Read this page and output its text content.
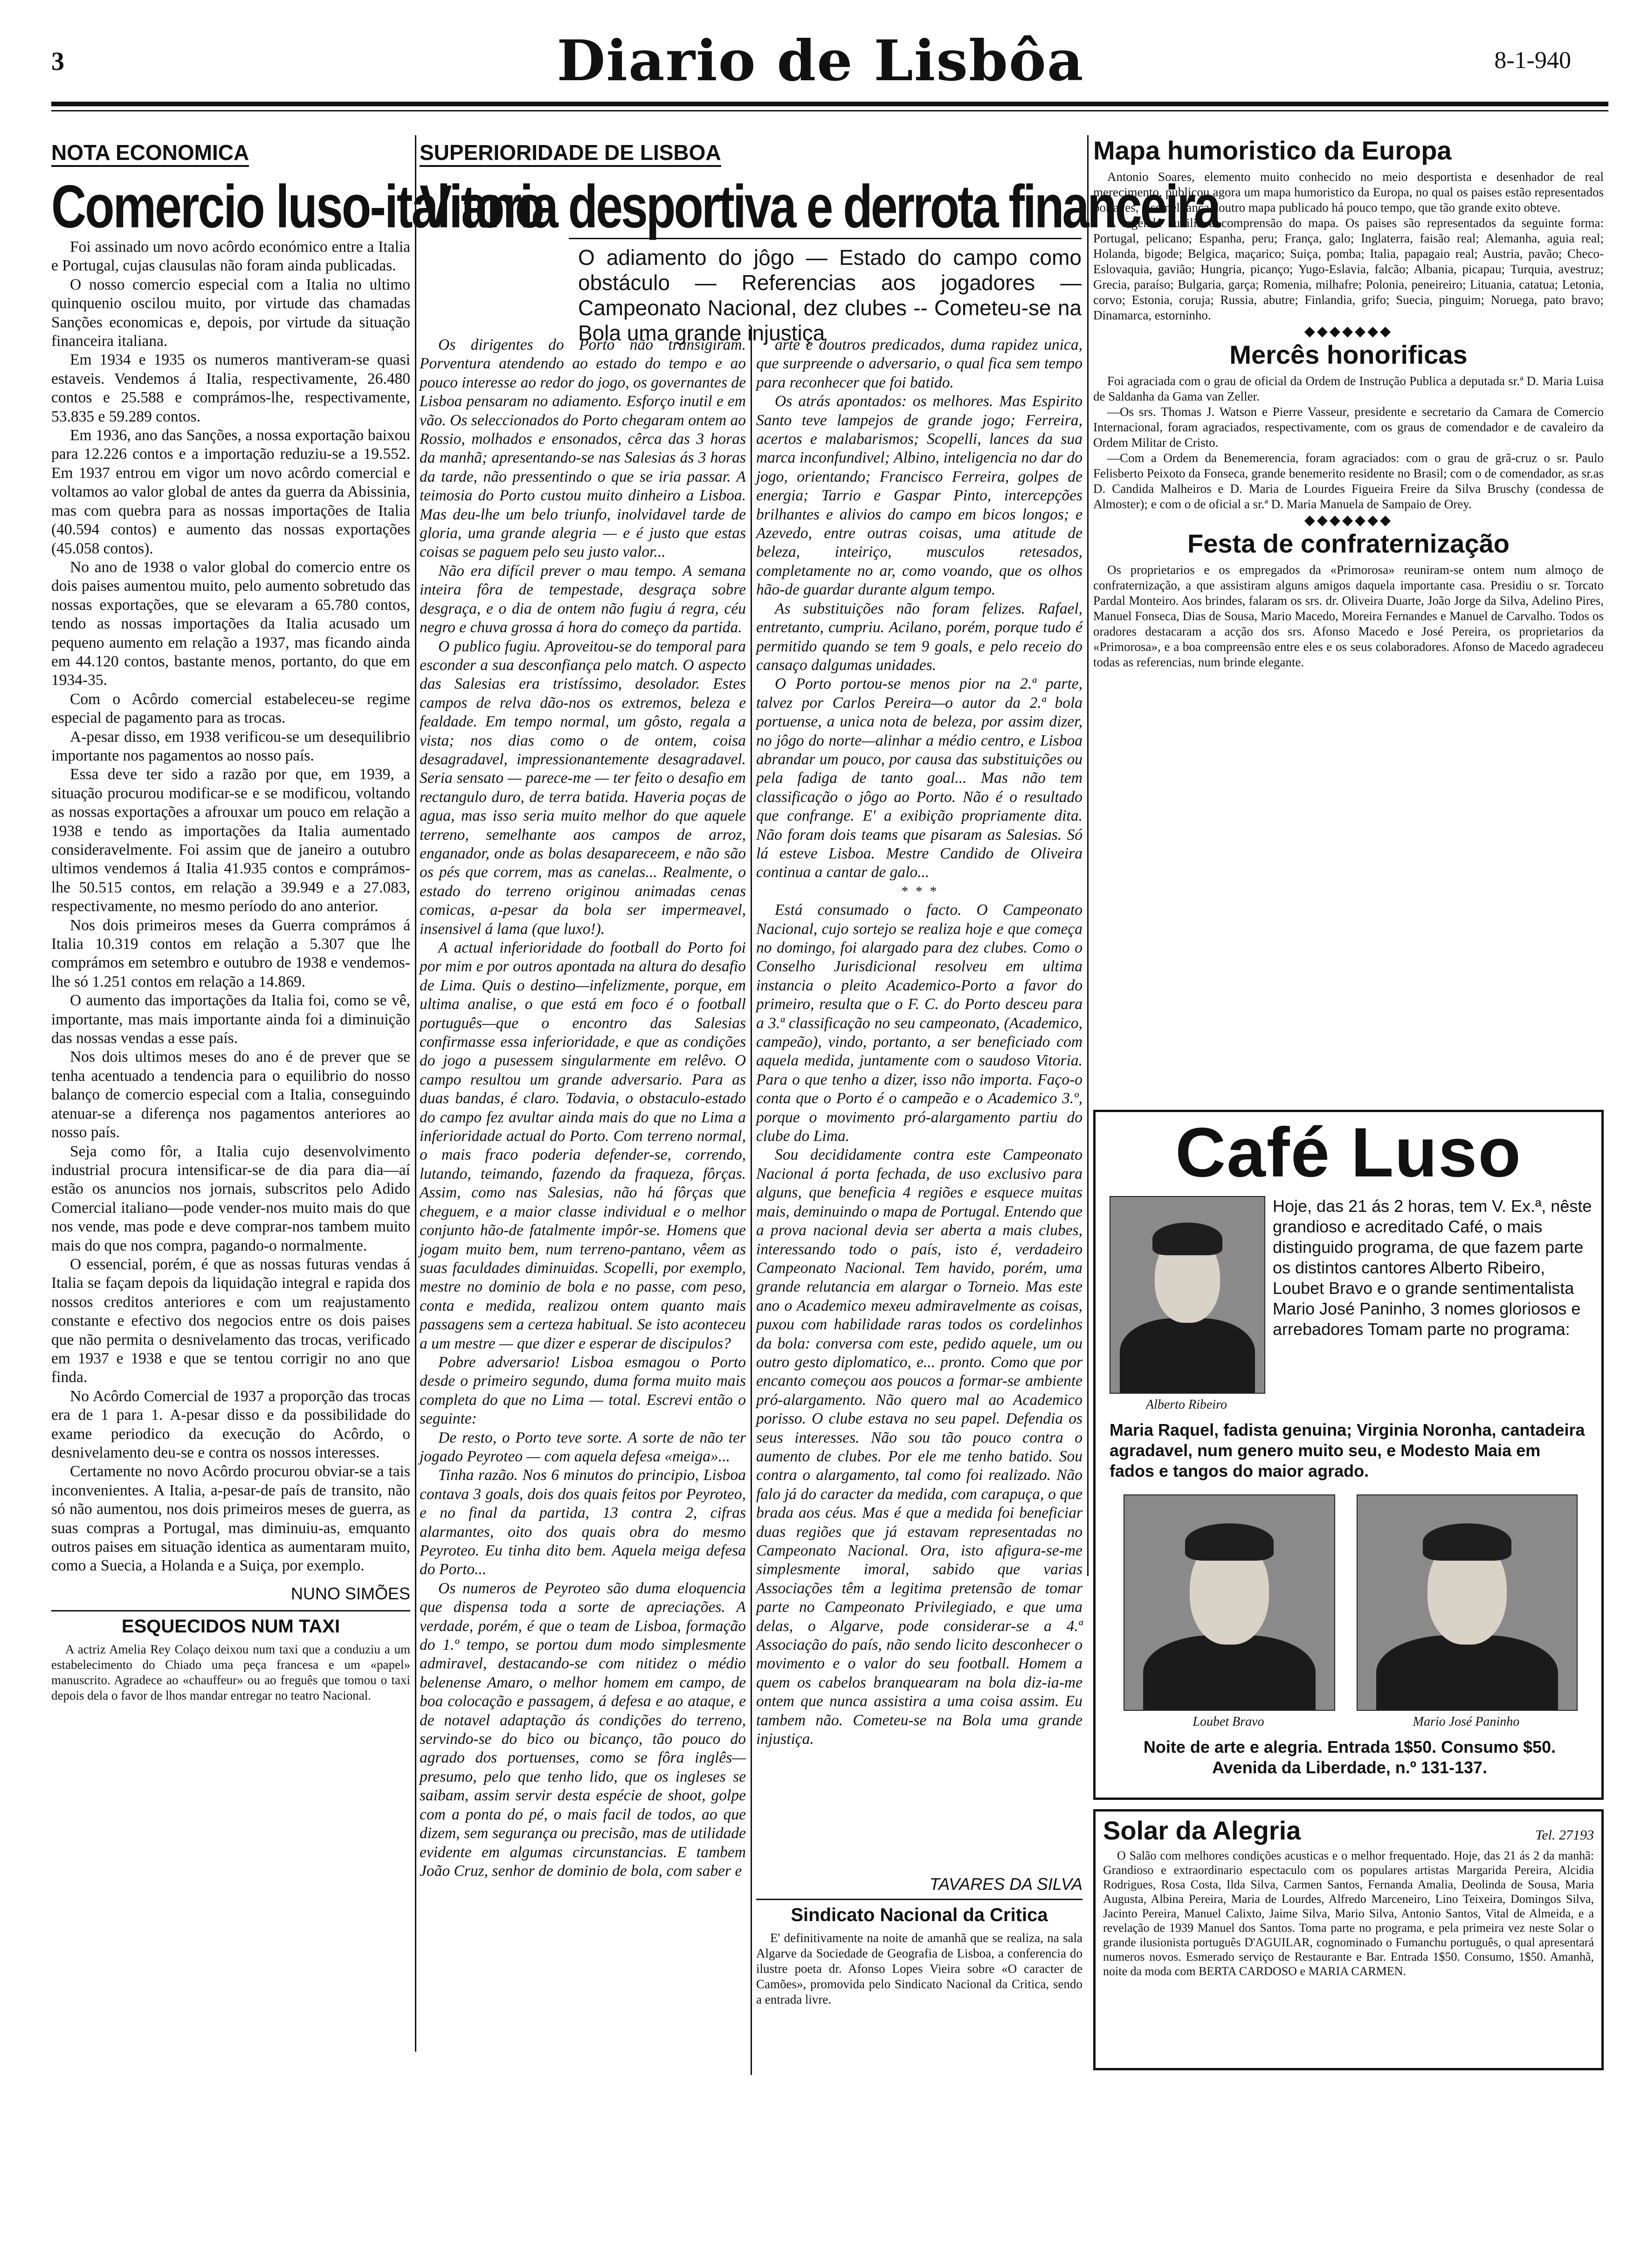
3	Diario de Lisbôa	8-1-940
NOTA ECONOMICA
Comercio luso-italiano

Foi assinado um novo acôrdo económico entre a Italia e Portugal, cujas clausulas não foram ainda publicadas.

O nosso comercio especial com a Italia no ultimo quinquenio oscilou muito, por virtude das chamadas Sanções economicas e, depois, por virtude da situação financeira italiana.

Em 1934 e 1935 os numeros mantiveram-se quasi estaveis. Vendemos á Italia, respectivamente, 26.480 contos e 25.588 e comprámos-lhe, respectivamente, 53.835 e 59.289 contos.

Em 1936, ano das Sanções, a nossa exportação baixou para 12.226 contos e a importação reduziu-se a 19.552. Em 1937 entrou em vigor um novo acôrdo comercial e voltamos ao valor global de antes da guerra da Abissinia, mas com quebra para as nossas importações de Italia (40.594 contos) e aumento das nossas exportações (45.058 contos).

No ano de 1938 o valor global do comercio entre os dois paises aumentou muito, pelo aumento sobretudo das nossas exportações, que se elevaram a 65.780 contos, tendo as nossas importações da Italia acusado um pequeno aumento em relação a 1937, mas ficando ainda em 44.120 contos, bastante menos, portanto, do que em 1934-35.

Com o Acôrdo comercial estabeleceu-se regime especial de pagamento para as trocas.

A-pesar disso, em 1938 verificou-se um desequilibrio importante nos pagamentos ao nosso país.

Essa deve ter sido a razão por que, em 1939, a situação procurou modificar-se e se modificou, voltando as nossas exportações a afrouxar um pouco em relação a 1938 e tendo as importações da Italia aumentado consideravelmente. Foi assim que de janeiro a outubro ultimos vendemos á Italia 41.935 contos e comprámos-lhe 50.515 contos, em relação a 39.949 e a 27.083, respectivamente, no mesmo período do ano anterior.

Nos dois primeiros meses da Guerra comprámos á Italia 10.319 contos em relação a 5.307 que lhe comprámos em setembro e outubro de 1938 e vendemos-lhe só 1.251 contos em relação a 14.869.

O aumento das importações da Italia foi, como se vê, importante, mas mais importante ainda foi a diminuição das nossas vendas a esse país.

Nos dois ultimos meses do ano é de prever que se tenha acentuado a tendencia para o equilibrio do nosso balanço de comercio especial com a Italia, conseguindo atenuar-se a diferença nos pagamentos anteriores ao nosso país.

Seja como fôr, a Italia cujo desenvolvimento industrial procura intensificar-se de dia para dia—aí estão os anuncios nos jornais, subscritos pelo Adido Comercial italiano—pode vender-nos muito mais do que nos vende, mas pode e deve comprar-nos tambem muito mais do que nos compra, pagando-o normalmente.

O essencial, porém, é que as nossas futuras vendas á Italia se façam depois da liquidação integral e rapida dos nossos creditos anteriores e com um reajustamento constante e efectivo dos negocios entre os dois paises que não permita o desnivelamento das trocas, verificado em 1937 e 1938 e que se tentou corrigir no ano que finda.

No Acôrdo Comercial de 1937 a proporção das trocas era de 1 para 1. A-pesar disso e da possibilidade do exame periodico da execução do Acôrdo, o desnivelamento deu-se e contra os nossos interesses.

Certamente no novo Acôrdo procurou obviar-se a tais inconvenientes. A Italia, a-pesar-de país de transito, não só não aumentou, nos dois primeiros meses de guerra, as suas compras a Portugal, mas diminuiu-as, emquanto outros paises em situação identica as aumentaram muito, como a Suecia, a Holanda e a Suiça, por exemplo.

NUNO SIMÕES
ESQUECIDOS NUM TAXI

A actriz Amelia Rey Colaço deixou num taxi que a conduziu a um estabelecimento do Chiado uma peça francesa e um «papel» manuscrito. Agradece ao «chauffeur» ou ao freguês que tomou o taxi depois dela o favor de lhos mandar entregar no teatro Nacional.

SUPERIORIDADE DE LISBOA
Vitoria desportiva e derrota financeira
O adiamento do jôgo — Estado do campo como obstáculo — Referencias aos jogadores — Campeonato Nacional, dez clubes -- Cometeu-se na Bola uma grande injustiça

Os dirigentes do Porto não transigiram. Porventura atendendo ao estado do tempo e ao pouco interesse ao redor do jogo, os governantes de Lisboa pensaram no adiamento. Esforço inutil e em vão. Os seleccionados do Porto chegaram ontem ao Rossio, molhados e ensonados, cêrca das 3 horas da manhã; apresentando-se nas Salesias ás 3 horas da tarde, não pressentindo o que se iria passar. A teimosia do Porto custou muito dinheiro a Lisboa. Mas deu-lhe um belo triunfo, inolvidavel tarde de gloria, uma grande alegria — e é justo que estas coisas se paguem pelo seu justo valor...

Não era difícil prever o mau tempo. A semana inteira fôra de tempestade, desgraça sobre desgraça, e o dia de ontem não fugiu á regra, céu negro e chuva grossa á hora do começo da partida.

O publico fugiu. Aproveitou-se do temporal para esconder a sua desconfiança pelo match. O aspecto das Salesias era tristíssimo, desolador. Estes campos de relva dão-nos os extremos, beleza e fealdade. Em tempo normal, um gôsto, regala a vista; nos dias como o de ontem, coisa desagradavel, impressionantemente desagradavel. Seria sensato — parece-me — ter feito o desafio em rectangulo duro, de terra batida. Haveria poças de agua, mas isso seria muito melhor do que aquele terreno, semelhante aos campos de arroz, enganador, onde as bolas desapareceem, e não são os pés que correm, mas as canelas... Realmente, o estado do terreno originou animadas cenas comicas, a-pesar da bola ser impermeavel, insensivel á lama (que luxo!).

A actual inferioridade do football do Porto foi por mim e por outros apontada na altura do desafio de Lima. Quis o destino—infelizmente, porque, em ultima analise, o que está em foco é o football português—que o encontro das Salesias confirmasse essa inferioridade, e que as condições do jogo a pusessem singularmente em relêvo. O campo resultou um grande adversario. Para as duas bandas, é claro. Todavia, o obstaculo-estado do campo fez avultar ainda mais do que no Lima a inferioridade actual do Porto. Com terreno normal, o mais fraco poderia defender-se, correndo, lutando, teimando, fazendo da fraqueza, fôrças. Assim, como nas Salesias, não há fôrças que cheguem, e a maior classe individual e o melhor conjunto hão-de fatalmente impôr-se. Homens que jogam muito bem, num terreno-pantano, vêem as suas faculdades diminuidas. Scopelli, por exemplo, mestre no dominio de bola e no passe, com peso, conta e medida, realizou ontem quanto mais passagens sem a certeza habitual. Se isto aconteceu a um mestre — que dizer e esperar de discipulos?

Pobre adversario! Lisboa esmagou o Porto desde o primeiro segundo, duma forma muito mais completa do que no Lima — total. Escrevi então o seguinte:

De resto, o Porto teve sorte. A sorte de não ter jogado Peyroteo — com aquela defesa «meiga»...

Tinha razão. Nos 6 minutos do principio, Lisboa contava 3 goals, dois dos quais feitos por Peyroteo, e no final da partida, 13 contra 2, cifras alarmantes, oito dos quais obra do mesmo Peyroteo. Eu tinha dito bem. Aquela meiga defesa do Porto...

Os numeros de Peyroteo são duma eloquencia que dispensa toda a sorte de apreciações. A verdade, porém, é que o team de Lisboa, formação do 1.º tempo, se portou dum modo simplesmente admiravel, destacando-se com nitidez o médio belenense Amaro, o melhor homem em campo, de boa colocação e passagem, á defesa e ao ataque, e de notavel adaptação ás condições do terreno, servindo-se do bico ou bicanço, tão pouco do agrado dos portuenses, como se fôra inglês—presumo, pelo que tenho lido, que os ingleses se saibam, assim servir desta espécie de shoot, golpe com a ponta do pé, o mais facil de todos, ao que dizem, sem segurança ou precisão, mas de utilidade evidente em algumas circunstancias. E tambem João Cruz, senhor de dominio de bola, com saber e

arte e doutros predicados, duma rapidez unica, que surpreende o adversario, o qual fica sem tempo para reconhecer que foi batido.

Os atrás apontados: os melhores. Mas Espirito Santo teve lampejos de grande jogo; Ferreira, acertos e malabarismos; Scopelli, lances da sua marca inconfundivel; Albino, inteligencia no dar do jogo, orientando; Francisco Ferreira, golpes de energia; Tarrio e Gaspar Pinto, intercepções brilhantes e alivios do campo em bicos longos; e Azevedo, entre outras coisas, uma atitude de beleza, inteiriço, musculos retesados, completamente no ar, como voando, que os olhos hão-de guardar durante algum tempo.

As substituições não foram felizes. Rafael, entretanto, cumpriu. Acilano, porém, porque tudo é permitido quando se tem 9 goals, e pelo receio do cansaço dalgumas unidades.

O Porto portou-se menos pior na 2.ª parte, talvez por Carlos Pereira—o autor da 2.ª bola portuense, a unica nota de beleza, por assim dizer, no jôgo do norte—alinhar a médio centro, e Lisboa abrandar um pouco, por causa das substituições ou pela fadiga de tanto goal... Mas não tem classificação o jôgo ao Porto. Não é o resultado que confrange. E' a exibição propriamente dita. Não foram dois teams que pisaram as Salesias. Só lá esteve Lisboa. Mestre Candido de Oliveira continua a cantar de galo...

* * *

Está consumado o facto. O Campeonato Nacional, cujo sortejo se realiza hoje e que começa no domingo, foi alargado para dez clubes. Como o Conselho Jurisdicional resolveu em ultima instancia o pleito Academico-Porto a favor do primeiro, resulta que o F. C. do Porto desceu para a 3.ª classificação no seu campeonato, (Academico, campeão), vindo, portanto, a ser beneficiado com aquela medida, juntamente com o saudoso Vitoria. Para o que tenho a dizer, isso não importa. Faço-o conta que o Porto é o campeão e o Academico 3.º, porque o movimento pró-alargamento partiu do clube do Lima.

Sou decididamente contra este Campeonato Nacional á porta fechada, de uso exclusivo para alguns, que beneficia 4 regiões e esquece muitas mais, deminuindo o mapa de Portugal. Entendo que a prova nacional devia ser aberta a mais clubes, interessando todo o país, isto é, verdadeiro Campeonato Nacional. Tem havido, porém, uma grande relutancia em alargar o Torneio. Mas este ano o Academico mexeu admiravelmente as coisas, puxou com habilidade raras todos os cordelinhos da bola: conversa com este, pedido aquele, um ou outro gesto diplomatico, e... pronto. Como que por encanto começou aos poucos a formar-se ambiente pró-alargamento. Não quero mal ao Academico porisso. O clube estava no seu papel. Defendia os seus interesses. Não sou tão pouco contra o aumento de clubes. Por ele me tenho batido. Sou contra o alargamento, tal como foi realizado. Não falo já do caracter da medida, com carapuça, o que brada aos céus. Mas é que a medida foi beneficiar duas regiões que já estavam representadas no Campeonato Nacional. Ora, isto afigura-se-me simplesmente imoral, sabido que varias Associações têm a legitima pretensão de tomar parte no Campeonato Privilegiado, e que uma delas, o Algarve, pode considerar-se a 4.ª Associação do país, não sendo licito desconhecer o movimento e o valor do seu football. Homem a quem os cabelos branquearam na bola diz-ia-me ontem que nunca assistira a uma coisa assim. Eu tambem não. Cometeu-se na Bola uma grande injustiça.

TAVARES DA SILVA
Sindicato Nacional da Critica

E' definitivamente na noite de amanhã que se realiza, na sala Algarve da Sociedade de Geografia de Lisboa, a conferencia do ilustre poeta dr. Afonso Lopes Vieira sobre «O caracter de Camões», promovida pelo Sindicato Nacional da Critica, sendo a entrada livre.

Mapa humoristico da Europa

Antonio Soares, elemento muito conhecido no meio desportista e desenhador de real merecimento, publicou agora um mapa humoristico da Europa, no qual os paises estão representados por aves, á semelhança doutro mapa publicado há pouco tempo, que tão grande exito obteve.

A legenda auxilia a comprensão do mapa. Os paises são representados da seguinte forma: Portugal, pelicano; Espanha, peru; França, galo; Inglaterra, faisão real; Alemanha, aguia real; Holanda, bigode; Belgica, maçarico; Suiça, pomba; Italia, papagaio real; Austria, pavão; Checo-Eslovaquia, gavião; Hungria, picanço; Yugo-Eslavia, falcão; Albania, picapau; Turquia, avestruz; Grecia, paraíso; Bulgaria, garça; Romenia, milhafre; Polonia, peneireiro; Lituania, catatua; Letonia, corvo; Estonia, coruja; Russia, abutre; Finlandia, grifo; Suecia, pinguim; Noruega, pato bravo; Dinamarca, estorninho.

◆◆◆◆◆◆◆
Mercês honorificas

Foi agraciada com o grau de oficial da Ordem de Instrução Publica a deputada sr.ª D. Maria Luisa de Saldanha da Gama van Zeller.

—Os srs. Thomas J. Watson e Pierre Vasseur, presidente e secretario da Camara de Comercio Internacional, foram agraciados, respectivamente, com os graus de comendador e de cavaleiro da Ordem Militar de Cristo.

—Com a Ordem da Benemerencia, foram agraciados: com o grau de grã-cruz o sr. Paulo Felisberto Peixoto da Fonseca, grande benemerito residente no Brasil; com o de comendador, as sr.as D. Candida Malheiros e D. Maria de Lourdes Figueira Freire da Silva Bruschy (condessa de Almoster); e com o de oficial a sr.ª D. Maria Manuela de Sampaio de Orey.

◆◆◆◆◆◆◆
Festa de confraternização

Os proprietarios e os empregados da «Primorosa» reuniram-se ontem num almoço de confraternização, a que assistiram alguns amigos daquela importante casa. Presidiu o sr. Torcato Pardal Monteiro. Aos brindes, falaram os srs. dr. Oliveira Duarte, João Jorge da Silva, Adelino Pires, Manuel Fonseca, Dias de Sousa, Mario Macedo, Moreira Fernandes e Manuel de Carvalho. Todos os oradores destacaram a acção dos srs. Afonso Macedo e José Pereira, os proprietarios da «Primorosa», e a boa compreensão entre eles e os seus colaboradores. Afonso de Macedo agradeceu todas as referencias, num brinde elegante.

Café Luso
Alberto Ribeiro
Hoje, das 21 ás 2 horas, tem V. Ex.ª, nêste grandioso e acreditado Café, o mais distinguido programa, de que fazem parte os distintos cantores Alberto Ribeiro, Loubet Bravo e o grande sentimentalista Mario José Paninho, 3 nomes gloriosos e arrebadores Tomam parte no programa:
Maria Raquel, fadista genuina; Virginia Noronha, cantadeira agradavel, num genero muito seu, e Modesto Maia em fados e tangos do maior agrado.
Loubet Bravo	Mario José Paninho
Noite de arte e alegria. Entrada 1$50. Consumo $50.
Avenida da Liberdade, n.º 131-137.
Solar da Alegria	Tel. 27193

O Salão com melhores condições acusticas e o melhor frequentado. Hoje, das 21 ás 2 da manhã: Grandioso e extraordinario espectaculo com os populares artistas Margarida Pereira, Alcidia Rodrigues, Rosa Costa, Ilda Silva, Carmen Santos, Fernanda Amalia, Deolinda de Sousa, Maria Augusta, Albina Pereira, Maria de Lourdes, Alfredo Marceneiro, Lino Teixeira, Domingos Silva, Jacinto Pereira, Manuel Calixto, Jaime Silva, Mario Silva, Antonio Santos, Vital de Almeida, e a revelação de 1939 Manuel dos Santos. Toma parte no programa, e pela primeira vez neste Solar o grande ilusionista português D'AGUILAR, cognominado o Fumanchu português, o qual apresentará numeros novos. Esmerado serviço de Restaurante e Bar. Entrada 1$50. Consumo, 1$50. Amanhã, noite da moda com BERTA CARDOSO e MARIA CARMEN.
